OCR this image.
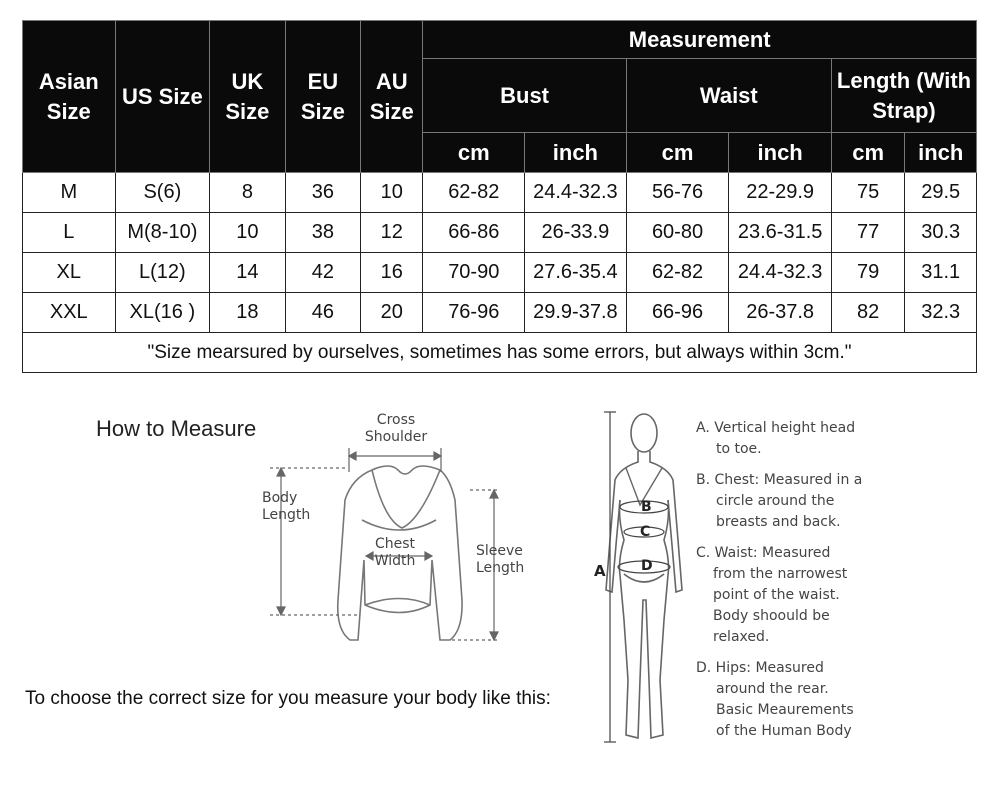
Asian Size	US Size	UK Size	EU Size	AU Size	Measurement					
					Bust		Waist		Length (With Strap)	
					cm	inch	cm	inch	cm	inch
M	S(6)	8	36	10	62-82	24.4-32.3	56-76	22-29.9	75	29.5
L	M(8-10)	10	38	12	66-86	26-33.9	60-80	23.6-31.5	77	30.3
XL	L(12)	14	42	16	70-90	27.6-35.4	62-82	24.4-32.3	79	31.1
XXL	XL(16 )	18	46	20	76-96	29.9-37.8	66-96	26-37.8	82	32.3
"Size mearsured by ourselves, sometimes has some errors, but always within 3cm."										
How to Measure	Cross
Shoulder
Body
Length
Chest
Width
Sleeve
Length
To choose the correct size for you measure your body like this:
A
B
C
D
A. Vertical height head
to toe.
B. Chest: Measured in a
circle around the
breasts and back.
C. Waist: Measured
from the narrowest
point of the waist.
Body shoould be
relaxed.
D. Hips: Measured
around the rear.
Basic Meaurements
of the Human Body
